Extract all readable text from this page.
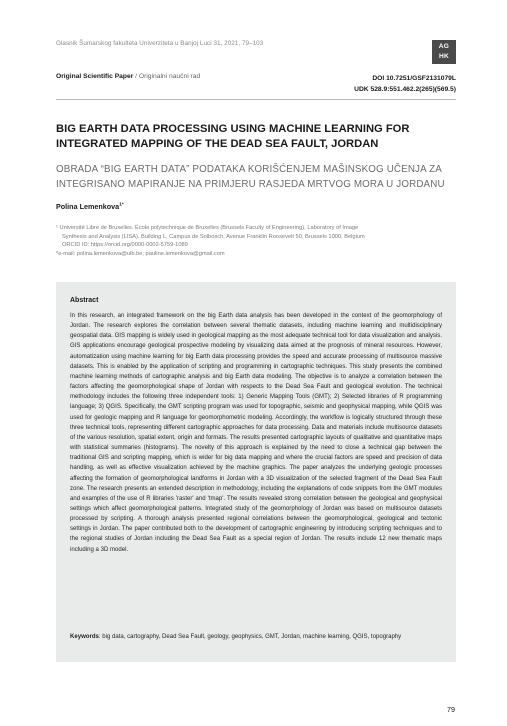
Glasnik Šumarskog fakulteta Univerziteta u Banjoj Luci 31, 2021, 79–103	AG
HK
Original Scientific Paper / Originalni naučni rad	DOI 10.7251/GSF2131079L
UDK 528.9:551.462.2(265)(569.5)
BIG EARTH DATA PROCESSING USING MACHINE LEARNING FOR INTEGRATED MAPPING OF THE DEAD SEA FAULT, JORDAN
OBRADA “BIG EARTH DATA” PODATAKA KORIŠĆENJEM MAŠINSKOG UČENJA ZA INTEGRISANO MAPIRANJE NA PRIMJERU RASJEDA MRTVOG MORA U JORDANU
Polina Lemenkova$^{1*}$

¹ Université Libre de Bruxelles. École polytechnique de Bruxelles (Brussels Faculty of Engineering), Laboratory of Image

Synthesis and Analysis (LISA). Building L, Campus de Solbosch, Avenue Franklin Roosevelt 50, Brussels 1000, Belgium

ORCID ID: https://orcid.org/0000-0002-5759-1089

*e-mail: polina.lemenkova@ulb.be; pauline.lemenkova@gmail.com

Abstract

In this research, an integrated framework on the big Earth data analysis has been developed in the context of the geomorphology of Jordan. The research explores the correlation between several thematic datasets, including machine learning and multidisciplinary geospatial data. GIS mapping is widely used in geological mapping as the most adequate technical tool for data visualization and analysis. GIS applications encourage geological prospective modeling by visualizing data aimed at the prognosis of mineral resources. However, automatization using machine learning for big Earth data processing provides the speed and accurate processing of multisource massive datasets. This is enabled by the application of scripting and programming in cartographic techniques. This study presents the combined machine learning methods of cartographic analysis and big Earth data modeling. The objective is to analyze a correlation between the factors affecting the geomorphological shape of Jordan with respects to the Dead Sea Fault and geological evolution. The technical methodology includes the following three independent tools: 1) Generic Mapping Tools (GMT); 2) Selected libraries of R programming language; 3) QGIS. Specifically, the GMT scripting program was used for topographic, seismic and geophysical mapping, while QGIS was used for geologic mapping and R language for geomorphometric modeling. Accordingly, the workflow is logically structured through these three technical tools, representing different cartographic approaches for data processing. Data and materials include multisource datasets of the various resolution, spatial extent, origin and formats. The results presented cartographic layouts of qualitative and quantitative maps with statistical summaries (histograms). The novelty of this approach is explained by the need to close a technical gap between the traditional GIS and scripting mapping, which is wider for big data mapping and where the crucial factors are speed and precision of data handling, as well as effective visualization achieved by the machine graphics. The paper analyzes the underlying geologic processes affecting the formation of geomorphological landforms in Jordan with a 3D visualization of the selected fragment of the Dead Sea Fault zone. The research presents an extended description in methodology, including the explanations of code snippets from the GMT modules and examples of the use of R libraries 'raster' and 'tmap'. The results revealed strong correlation between the geological and geophysical settings which affect geomorphological patterns. Integrated study of the geomorphology of Jordan was based on multisource datasets processed by scripting. A thorough analysis presented regional correlations between the geomorphological, geological and tectonic settings in Jordan. The paper contributed both to the development of cartographic engineering by introducing scripting techniques and to the regional studies of Jordan including the Dead Sea Fault as a special region of Jordan. The results include 12 new thematic maps including a 3D model.

Keywords: big data, cartography, Dead Sea Fault, geology, geophysics, GMT, Jordan, machine learning, QGIS, topography
79
